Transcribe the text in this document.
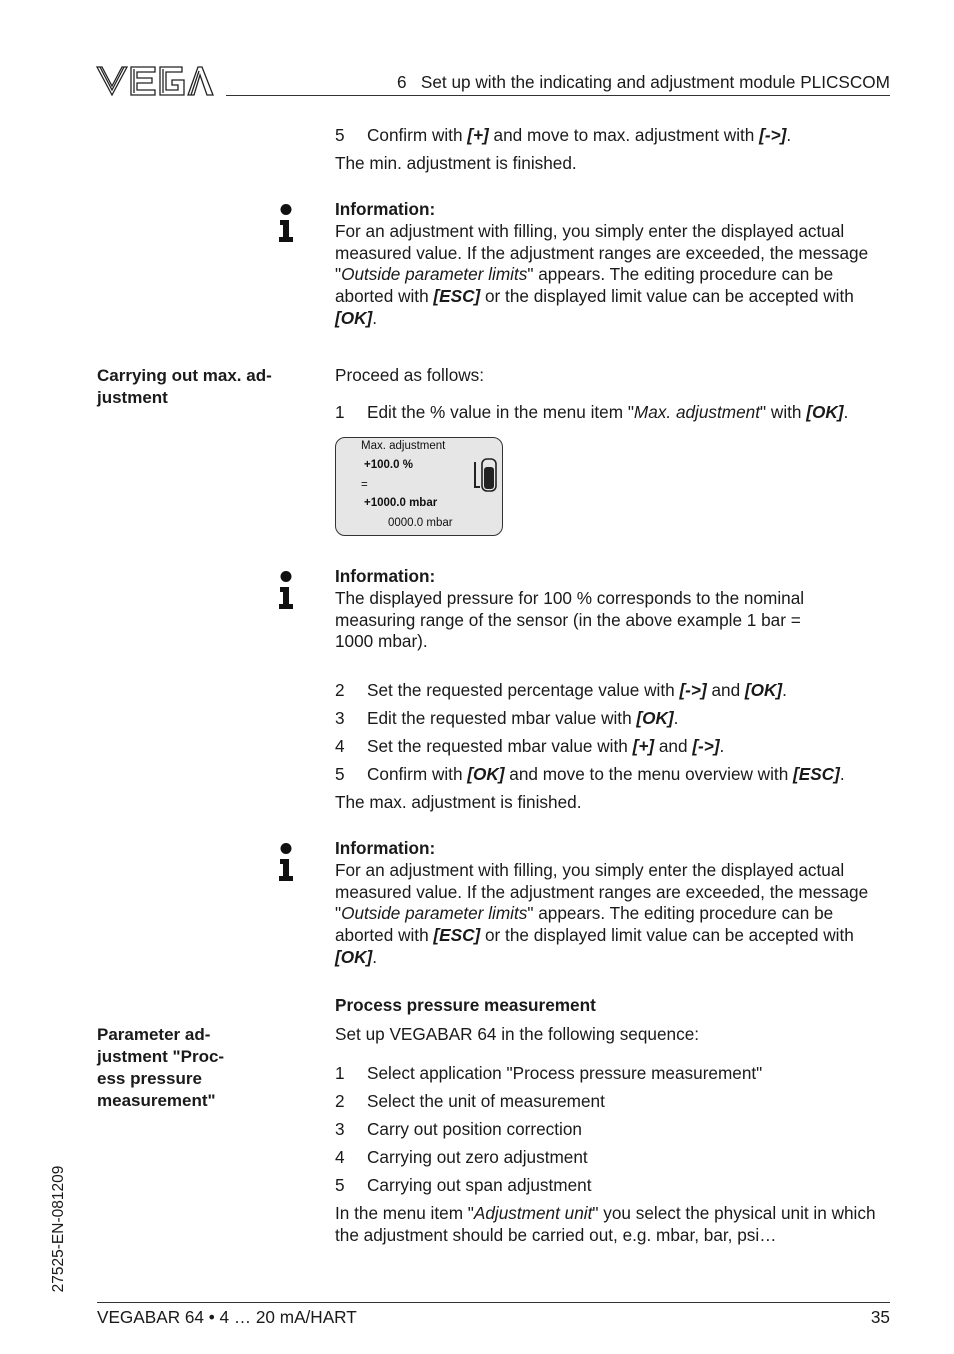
6   Set up with the indicating and adjustment module PLICSCOM
5 Confirm with [+] and move to max. adjustment with [->].
The min. adjustment is finished.
Information:
For an adjustment with filling, you simply enter the displayed actual
measured value. If the adjustment ranges are exceeded, the message
"Outside parameter limits" appears. The editing procedure can be
aborted with [ESC] or the displayed limit value can be accepted with
[OK].
Carrying out max. ad-
justment
Proceed as follows:
1 Edit the % value in the menu item "Max. adjustment" with [OK].
Max. adjustment
+100.0 %
=
+1000.0 mbar
0000.0 mbar
Information:
The displayed pressure for 100 % corresponds to the nominal
measuring range of the sensor (in the above example 1 bar =
1000 mbar).
2 Set the requested percentage value with [->] and [OK].
3 Edit the requested mbar value with [OK].
4 Set the requested mbar value with [+] and [->].
5 Confirm with [OK] and move to the menu overview with [ESC].
The max. adjustment is finished.
Information:
For an adjustment with filling, you simply enter the displayed actual
measured value. If the adjustment ranges are exceeded, the message
"Outside parameter limits" appears. The editing procedure can be
aborted with [ESC] or the displayed limit value can be accepted with
[OK].
Process pressure measurement
Set up VEGABAR 64 in the following sequence:
Parameter ad-
justment "Proc-
ess pressure
measurement"
1 Select application "Process pressure measurement"
2 Select the unit of measurement
3 Carry out position correction
4 Carrying out zero adjustment
5 Carrying out span adjustment
In the menu item "Adjustment unit" you select the physical unit in which
the adjustment should be carried out, e.g. mbar, bar, psi…
27525-EN-081209
VEGABAR 64 • 4 … 20 mA/HART	35
